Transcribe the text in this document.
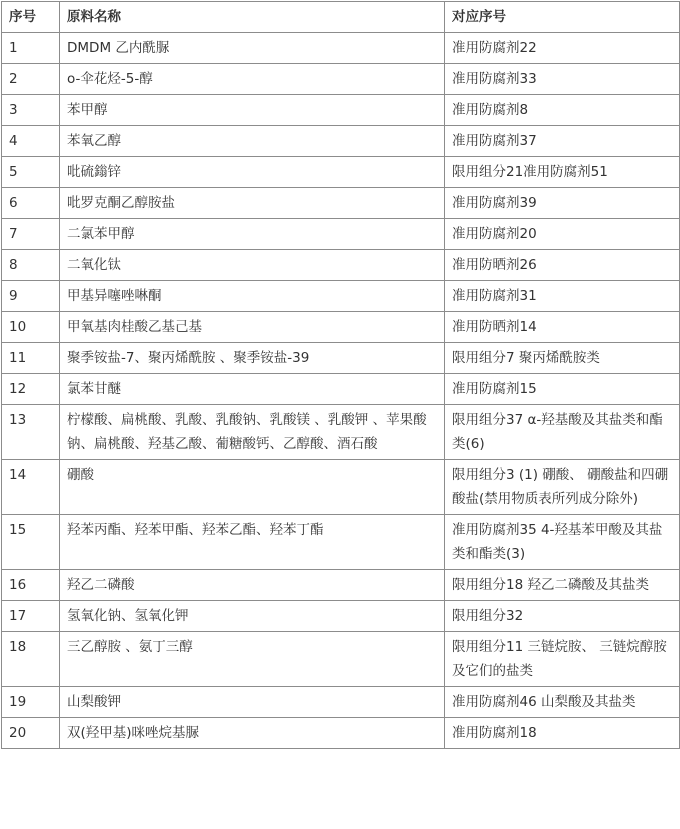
序号	原料名称	对应序号
1	DMDM 乙内酰脲	准用防腐剂22
2	o-伞花烃-5-醇	准用防腐剂33
3	苯甲醇	准用防腐剂8
4	苯氧乙醇	准用防腐剂37
5	吡硫鎓锌	限用组分21准用防腐剂51
6	吡罗克酮乙醇胺盐	准用防腐剂39
7	二氯苯甲醇	准用防腐剂20
8	二氧化钛	准用防晒剂26
9	甲基异噻唑啉酮	准用防腐剂31
10	甲氧基肉桂酸乙基己基	准用防晒剂14
11	聚季铵盐-7、聚丙烯酰胺 、聚季铵盐-39	限用组分7 聚丙烯酰胺类
12	氯苯甘醚	准用防腐剂15
13	柠檬酸、扁桃酸、乳酸、乳酸钠、乳酸镁 、乳酸钾 、苹果酸钠、扁桃酸、羟基乙酸、葡糖酸钙、乙醇酸、酒石酸	限用组分37 α-羟基酸及其盐类和酯类(6)
14	硼酸	限用组分3 (1) 硼酸、 硼酸盐和四硼酸盐(禁用物质表所列成分除外)
15	羟苯丙酯、羟苯甲酯、羟苯乙酯、羟苯丁酯	准用防腐剂35 4-羟基苯甲酸及其盐类和酯类(3)
16	羟乙二磷酸	限用组分18 羟乙二磷酸及其盐类
17	氢氧化钠、氢氧化钾	限用组分32
18	三乙醇胺 、氨丁三醇	限用组分11 三链烷胺、 三链烷醇胺及它们的盐类
19	山梨酸钾	准用防腐剂46 山梨酸及其盐类
20	双(羟甲基)咪唑烷基脲	准用防腐剂18
